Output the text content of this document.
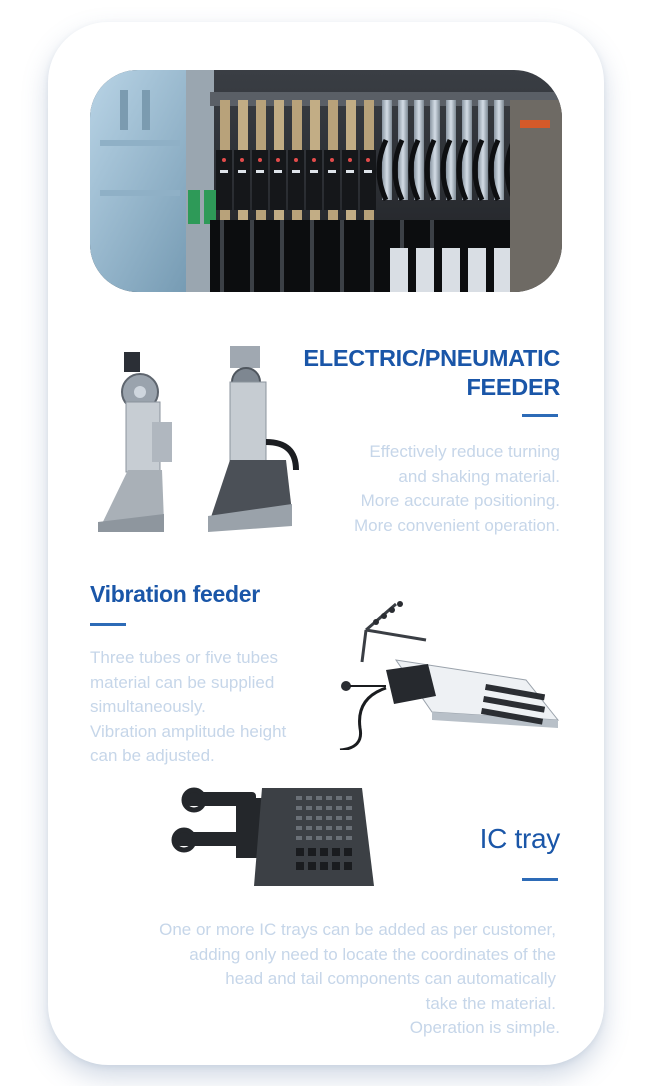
ELECTRIC/PNEUMATIC
FEEDER
Effectively reduce turning
and shaking material.
More accurate positioning.
More convenient operation.
Vibration feeder
Three tubes or five tubes
material can be supplied
simultaneously.
Vibration amplitude height
can be adjusted.
IC tray
One or more IC trays can be added as per customer,
adding only need to locate the coordinates of the
head and tail components can automatically
take the material.
Operation is simple.
